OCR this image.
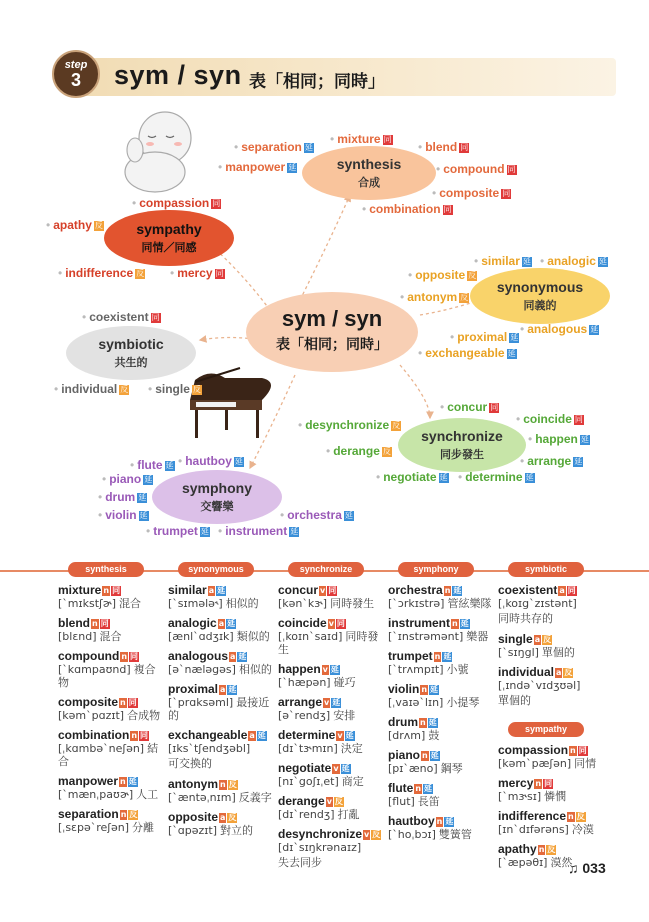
step
3	sym / syn 表「相同；同時」
sym / syn
表「相同；同時」
synthesis
合成
• separation 延
• mixture 同
• blend 同
• manpower 延	• compound 同
• composite 同
• combination 同
sympathy
同情／同感
• compassion 同
• apathy 反
• indifference 反	• mercy 同
synonymous
同義的
• similar 延	• analogic 延
• opposite 反
• antonym 反
• proximal 延
• analogous 延
• exchangeable 延
symbiotic
共生的
• coexistent 同
• individual 反	• single 反
synchronize
同步發生
• concur 同
• desynchronize 反	• coincide 同
• derange 反
• happen 延
• arrange 延
• negotiate 延	• determine 延
symphony
交響樂
• flute 延 • hautboy 延
• piano 延
• drum 延
• violin 延	• orchestra 延
• trumpet 延	• instrument 延
synthesis
mixture n 同
[ˋmɪkstʃɚ] 混合
blend n 同
[blɛnd] 混合
compound n 同
[ˋkɑmpaʊnd] 複合物
composite n 同
[kəmˋpɑzɪt] 合成物
combination n 同
[ˌkɑmbəˋneʃən] 結合
manpower n 延
[ˋmænˌpaʊɚ] 人工
separation n 反
[ˌsɛpəˋreʃən] 分離
synonymous
similar a 延
[ˋsɪmələ˞] 相似的
analogic a 延
[ænlˋɑdʒɪk] 類似的
analogous a 延
[əˋnæləgəs] 相似的
proximal a 延
[ˋprɑksəml] 最接近的
exchangeable a 延
[ɪksˋtʃendʒəbl]
可交換的
antonym n 反
[ˋæntəˌnɪm] 反義字
opposite a 反
[ˋɑpəzɪt] 對立的
synchronize
concur v 同
[kənˋkɝ] 同時發生
coincide v 同
[ˌkoɪnˋsaɪd] 同時發生
happen v 延
[ˋhæpən] 碰巧
arrange v 延
[əˋrendʒ] 安排
determine v 延
[dɪˋtɝmɪn] 決定
negotiate v 延
[nɪˋgoʃɪˌet] 商定
derange v 反
[dɪˋrendʒ] 打亂
desynchronize v 反
[dɪˋsɪŋkrənaɪz]
失去同步
symphony
orchestra n 延
[ˋɔrkɪstrə] 管絃樂隊
instrument n 延
[ˋɪnstrəmənt] 樂器
trumpet n 延
[ˋtrʌmpɪt] 小號
violin n 延
[ˌvaɪəˋlɪn] 小提琴
drum n 延
[drʌm] 鼓
piano n 延
[pɪˋæno] 鋼琴
flute n 延
[flut] 長笛
hautboy n 延
[ˋhoˌbɔɪ] 雙簧管
symbiotic
coexistent a 同
[ˌkoɪgˋzɪstənt]
同時共存的
single a 反
[ˋsɪŋgl] 單個的
individual a 反
[ˌɪndəˋvɪdʒʊəl]
單個的
sympathy
compassion n 同
[kəmˋpæʃən] 同情
mercy n 同
[ˋmɝsɪ] 憐憫
indifference n 反
[ɪnˋdɪfərəns] 冷漠
apathy n 反
[ˋæpəθɪ] 漠然
♫ 033
